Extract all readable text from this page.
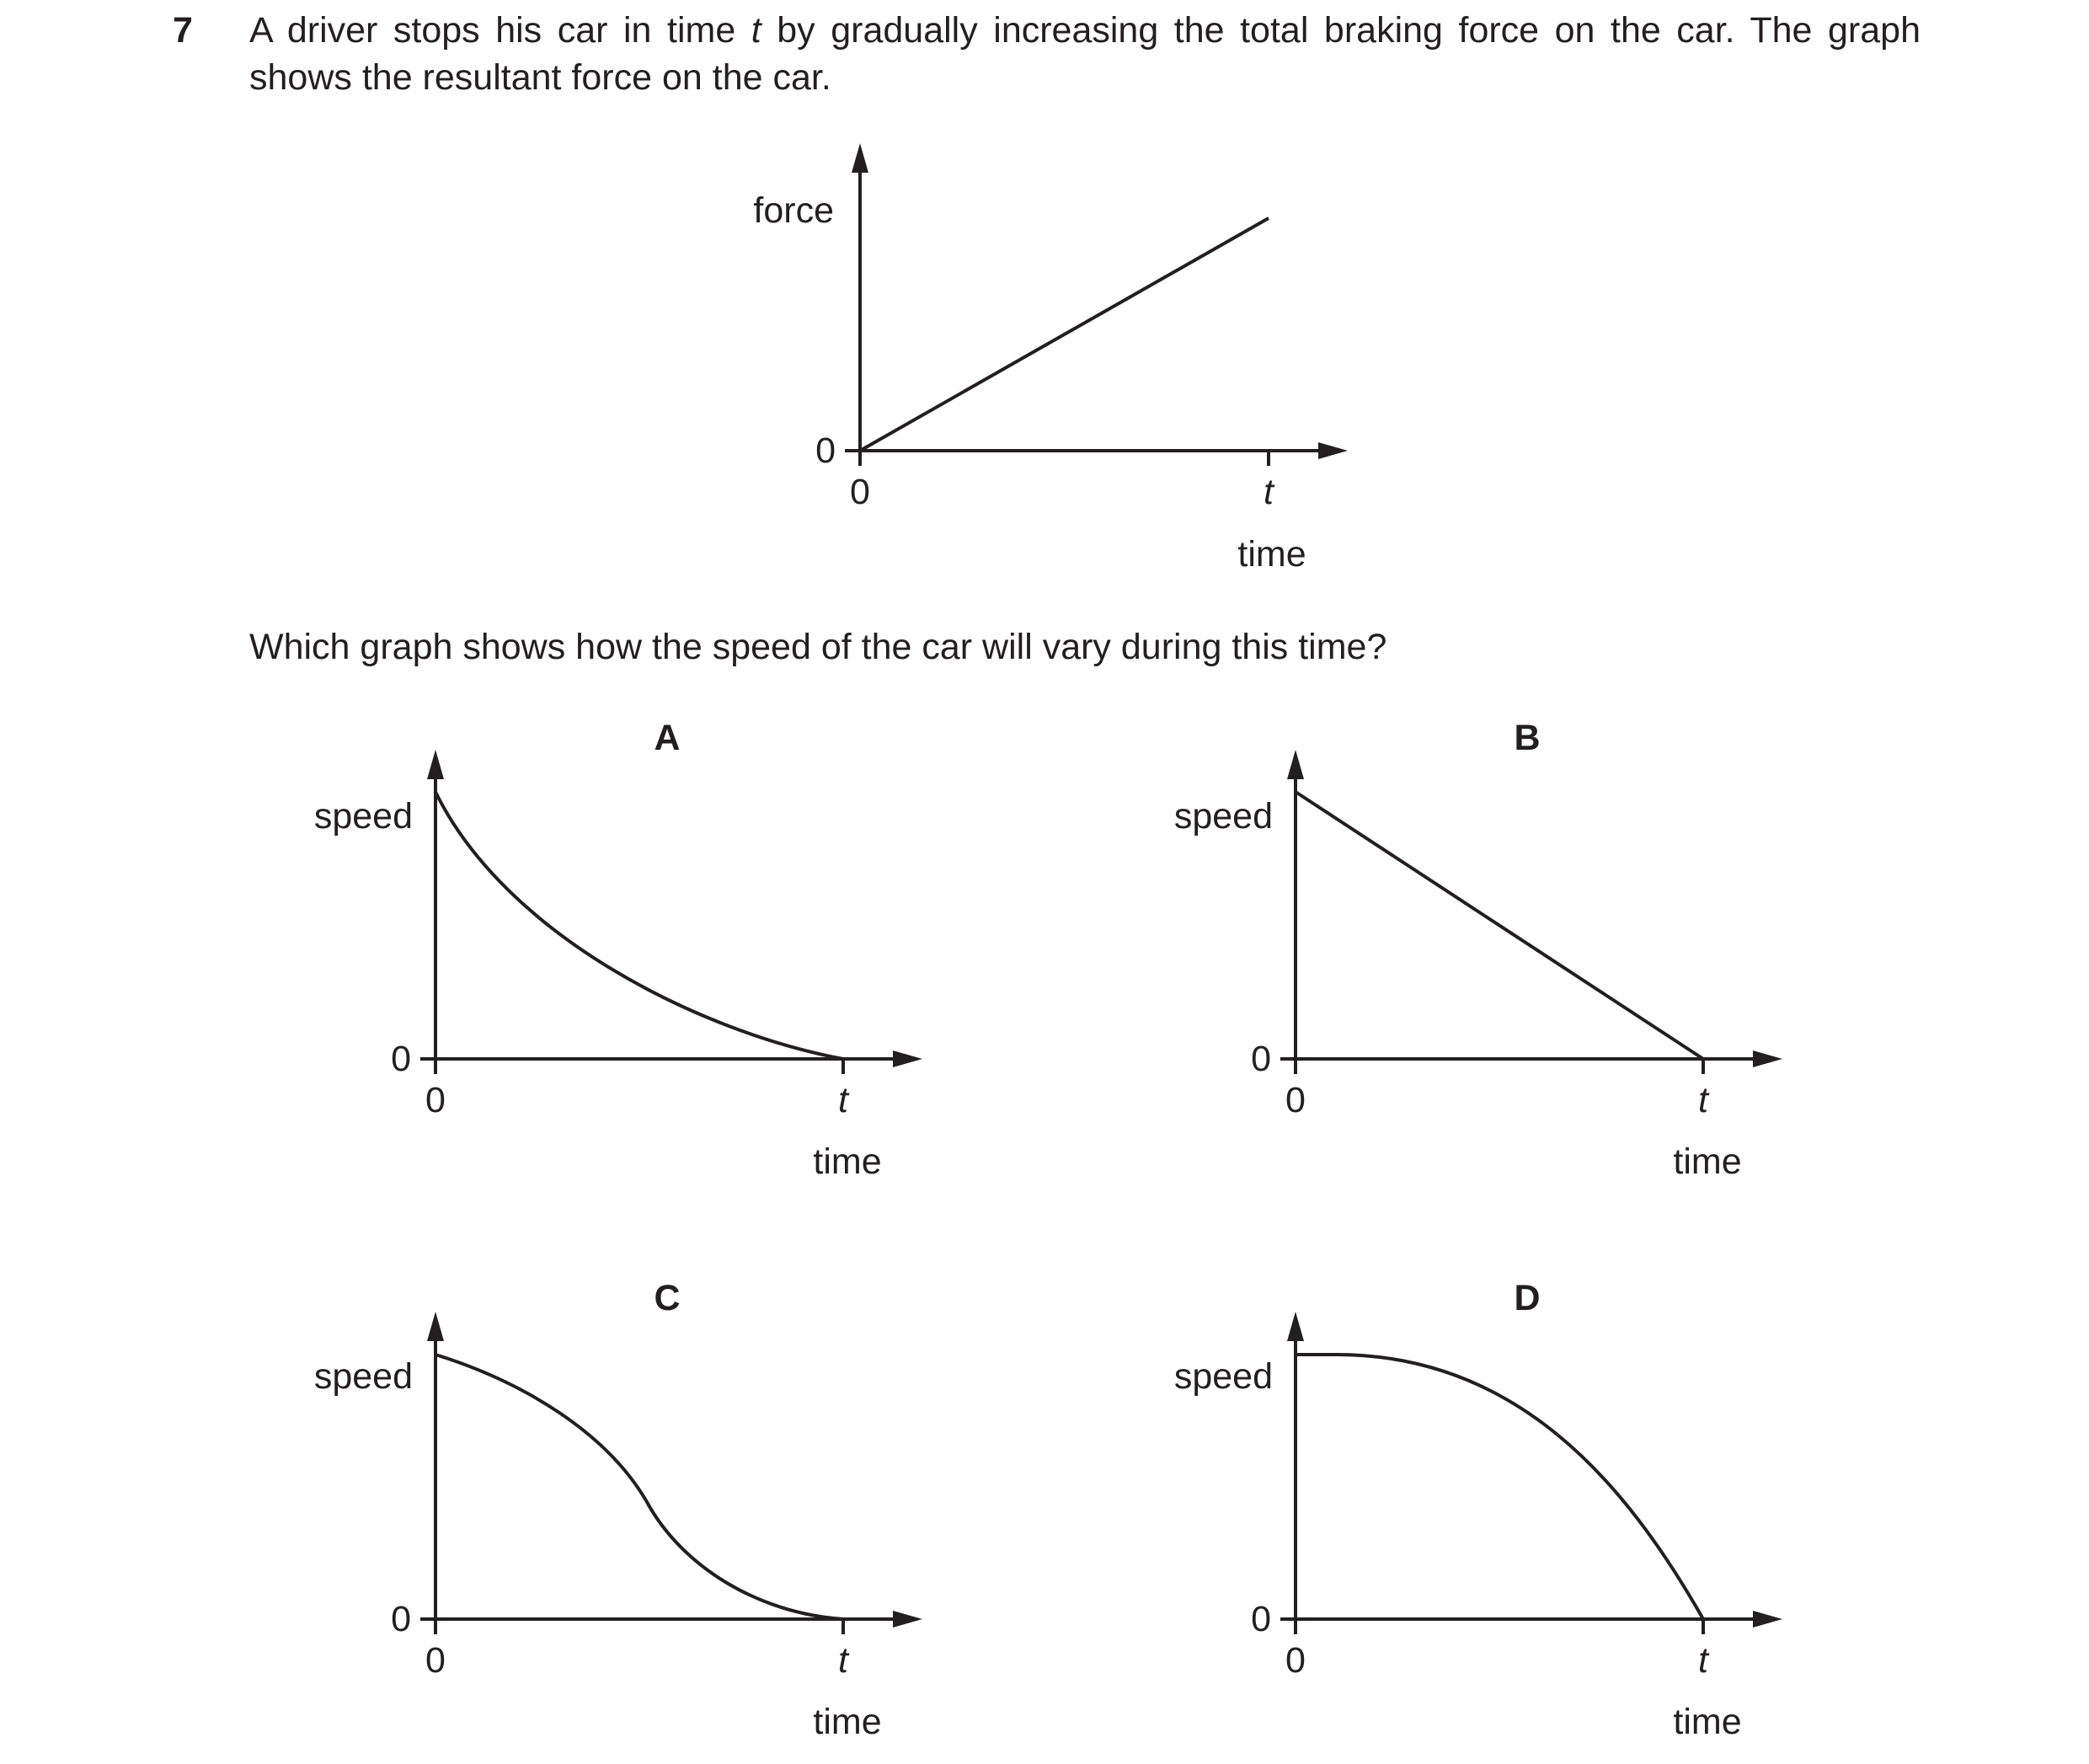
7 A driver stops his car in time t by gradually increasing the total braking force on the car. The graph shows the resultant force on the car.
Which graph shows how the speed of the car will vary during this time?
force
0
0	t
time
A
speed
0
0	t
time
B
speed
0
0	t
time
C
speed
0
0	t
time
D
speed
0
0	t
time
